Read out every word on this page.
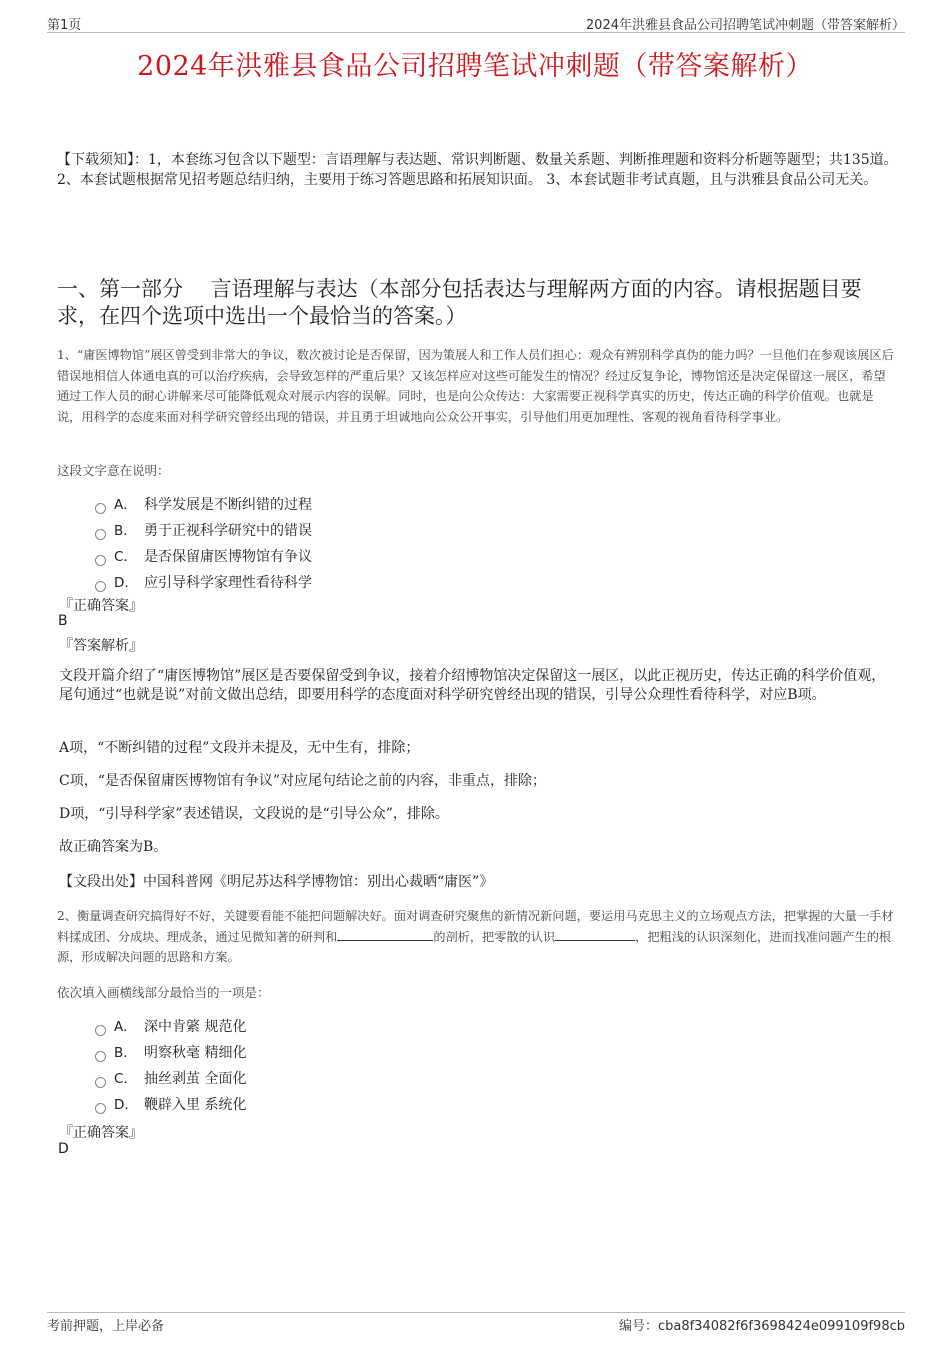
第1页	2024年洪雅县食品公司招聘笔试冲刺题（带答案解析）
2024年洪雅县食品公司招聘笔试冲刺题（带答案解析）
【下载须知】：1，本套练习包含以下题型：言语理解与表达题、常识判断题、数量关系题、判断推理题和资料分析题等题型；共135道。 2、本套试题根据常见招考题总结归纳，主要用于练习答题思路和拓展知识面。 3、本套试题非考试真题，且与洪雅县食品公司无关。
一、第一部分　 言语理解与表达（本部分包括表达与理解两方面的内容。请根据题目要求，在四个选项中选出一个最恰当的答案。）
1、“庸医博物馆”展区曾受到非常大的争议，数次被讨论是否保留，因为策展人和工作人员们担心：观众有辨别科学真伪的能力吗？一旦他们在参观该展区后错误地相信人体通电真的可以治疗疾病，会导致怎样的严重后果？又该怎样应对这些可能发生的情况？经过反复争论，博物馆还是决定保留这一展区，希望通过工作人员的耐心讲解来尽可能降低观众对展示内容的误解。同时，也是向公众传达：大家需要正视科学真实的历史，传达正确的科学价值观。也就是说，用科学的态度来面对科学研究曾经出现的错误，并且勇于坦诚地向公众公开事实，引导他们用更加理性、客观的视角看待科学事业。
这段文字意在说明：
A． 科学发展是不断纠错的过程
B． 勇于正视科学研究中的错误
C． 是否保留庸医博物馆有争议
D． 应引导科学家理性看待科学
『正确答案』
B
『答案解析』
文段开篇介绍了“庸医博物馆”展区是否要保留受到争议，接着介绍博物馆决定保留这一展区，以此正视历史，传达正确的科学价值观，尾句通过“也就是说”对前文做出总结，即要用科学的态度面对科学研究曾经出现的错误，引导公众理性看待科学，对应B项。
A项，“不断纠错的过程”文段并未提及，无中生有，排除；
C项，“是否保留庸医博物馆有争议”对应尾句结论之前的内容，非重点，排除；
D项，“引导科学家”表述错误，文段说的是“引导公众”，排除。
故正确答案为B。
【文段出处】中国科普网《明尼苏达科学博物馆：别出心裁晒“庸医”》
2、衡量调查研究搞得好不好，关键要看能不能把问题解决好。面对调查研究聚焦的新情况新问题，要运用马克思主义的立场观点方法，把掌握的大量一手材料揉成团、分成块、理成条，通过见微知著的研判和	的剖析，把零散的认识	，把粗浅的认识深刻化，进而找准问题产生的根源，形成解决问题的思路和方案。
依次填入画横线部分最恰当的一项是：
A． 深中肯綮 规范化
B． 明察秋毫 精细化
C． 抽丝剥茧 全面化
D． 鞭辟入里 系统化
『正确答案』
D
考前押题，上岸必备	编号：cba8f34082f6f3698424e099109f98cb
